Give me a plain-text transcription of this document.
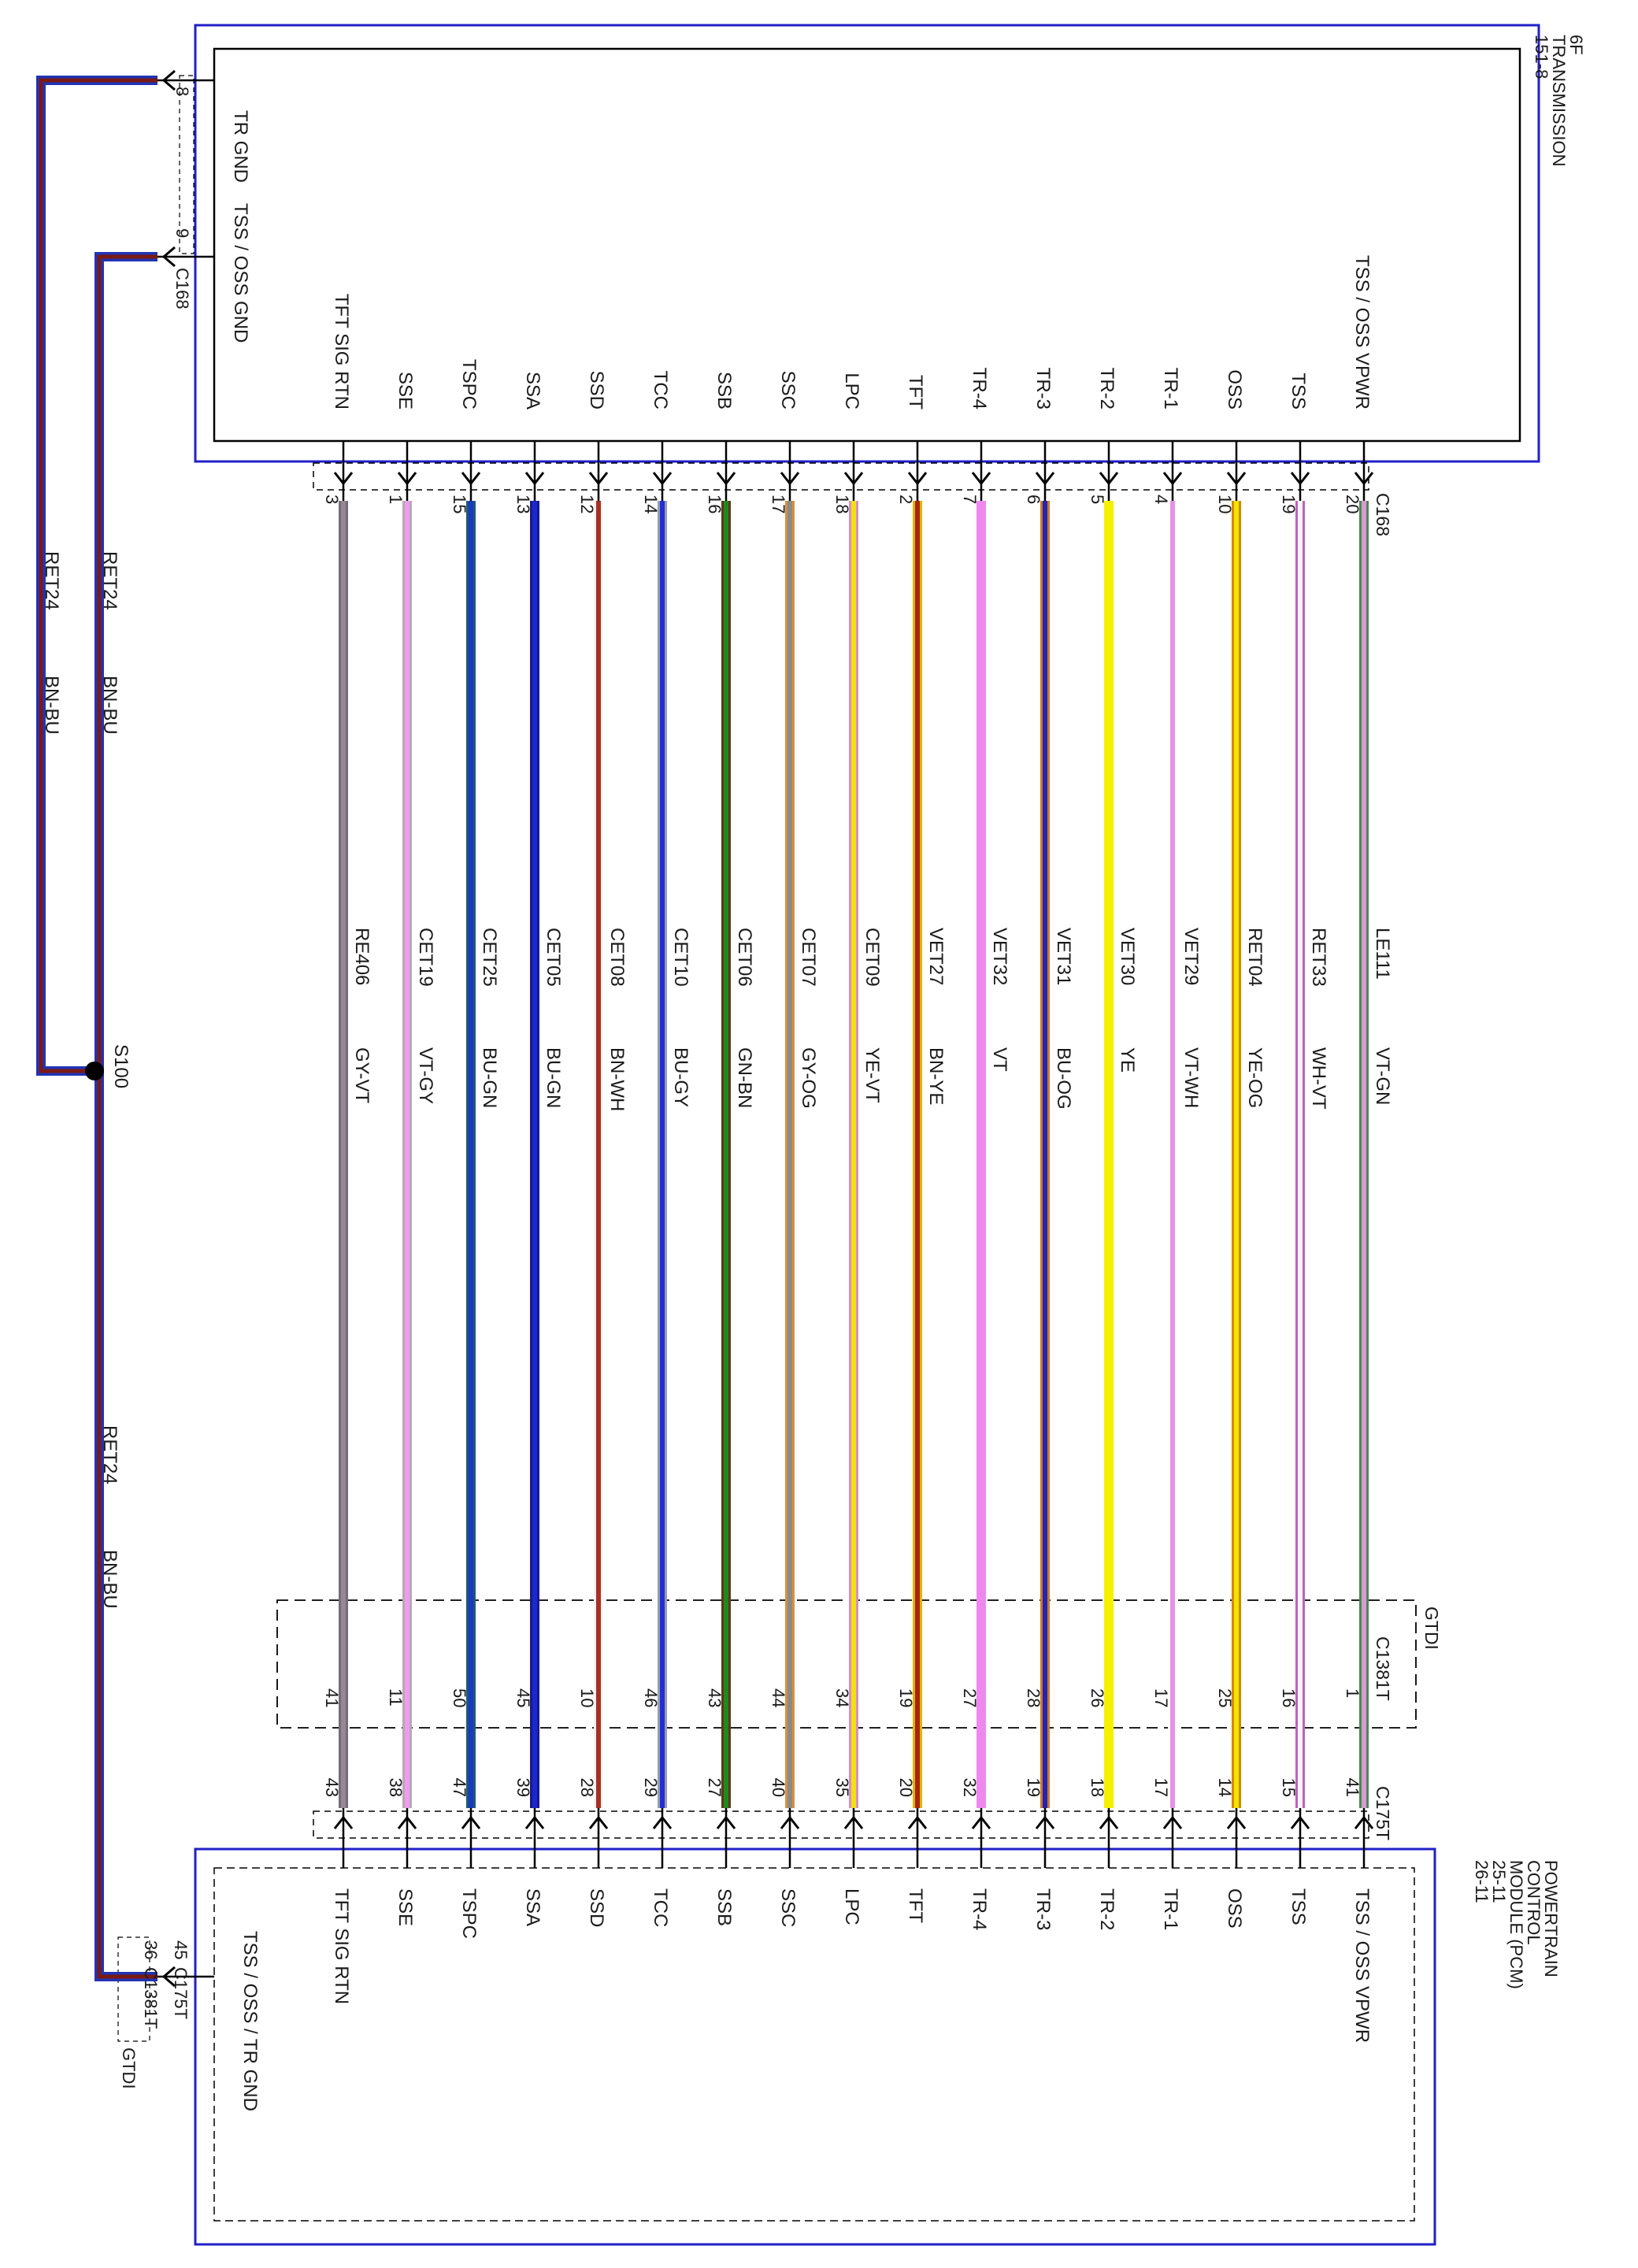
6F
TRANSMISSION
151-8
POWERTRAIN
CONTROL
MODULE (PCM)
25-11
26-11
C168
C175T
C1381T
GTDI
S100
RET24
BN-BU
RET24
BN-BU
RET24
BN-BU
8
9
C168
TR GND
TSS / OSS GND
45
C175T
36
C1381T
GTDI	TSS / OSS / TR GND
TSS / OSS VPWR
TSS / OSS VPWR
20
1
41
LE111
VT-GN
TSS
TSS
19
16
15
RET33
WH-VT
OSS
OSS
10
25
14
RET04
YE-OG
TR-1
TR-1
4
17
17
VET29
VT-WH
TR-2
TR-2
5
26
18
VET30
YE
TR-3
TR-3
6
28
19
VET31
BU-OG
TR-4
TR-4
7
27
32
VET32
VT
TFT
TFT
2
19
20
VET27
BN-YE
LPC
LPC
18
34
35
CET09
YE-VT
SSC
SSC
17
44
40
CET07
GY-OG
SSB
SSB
16
43
27
CET06
GN-BN
TCC
TCC
14
46
29
CET10
BU-GY
SSD
SSD
12
10
28
CET08
BN-WH
SSA
SSA
13
45
39
CET05
BU-GN
TSPC
TSPC
15
50
47
CET25
BU-GN
SSE
SSE
1
11
38
CET19
VT-GY
TFT SIG RTN
TFT SIG RTN
3
41
43
RE406
GY-VT
